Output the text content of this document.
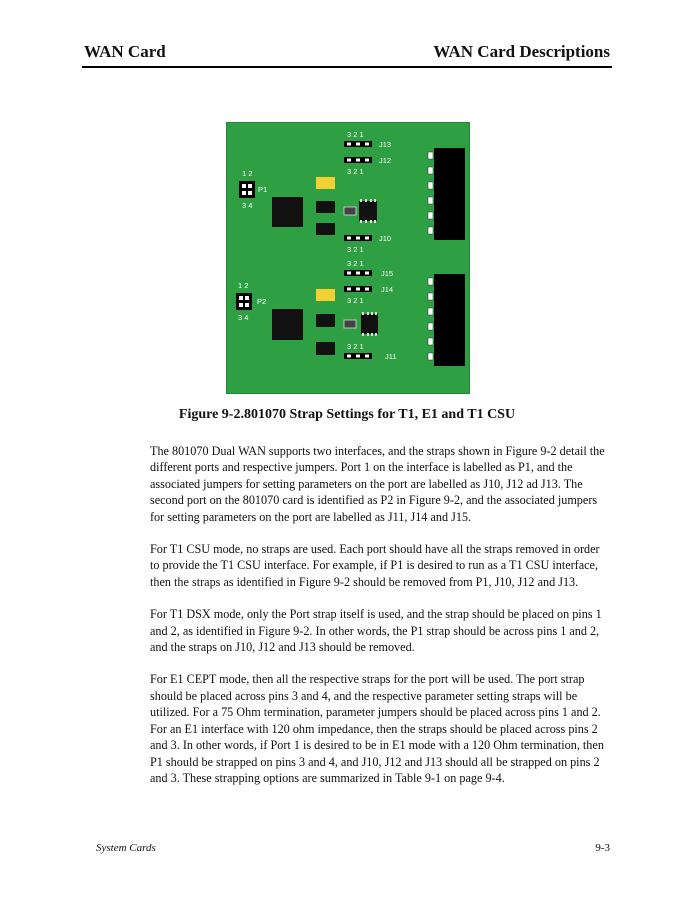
WAN Card	WAN Card Descriptions
3 2 1
J13
J12
3 2 1
1 2
P1
3 4
J10
3 2 1
3 2 1
J15
J14
3 2 1
1 2
P2
3 4
3 2 1
J11
Figure 9-2.801070 Strap Settings for T1, E1 and T1 CSU

The 801070 Dual WAN supports two interfaces, and the straps shown in Figure 9-2 detail the different ports and respective jumpers. Port 1 on the interface is labelled as P1, and the associated jumpers for setting parameters on the port are labelled as J10, J12 ad J13. The second port on the 801070 card is identified as P2 in Figure 9-2, and the associated jumpers for setting parameters on the port are labelled as J11, J14 and J15.

For T1 CSU mode, no straps are used. Each port should have all the straps removed in order to provide the T1 CSU interface. For example, if P1 is desired to run as a T1 CSU interface, then the straps as identified in Figure 9-2 should be removed from P1, J10, J12 and J13.

For T1 DSX mode, only the Port strap itself is used, and the strap should be placed on pins 1 and 2, as identified in Figure 9-2. In other words, the P1 strap should be across pins 1 and 2, and the straps on J10, J12 and J13 should be removed.

For E1 CEPT mode, then all the respective straps for the port will be used. The port strap should be placed across pins 3 and 4, and the respective parameter setting straps will be utilized. For a 75 Ohm termination, parameter jumpers should be placed across pins 1 and 2. For an E1 interface with 120 ohm impedance, then the straps should be placed across pins 2 and 3. In other words, if Port 1 is desired to be in E1 mode with a 120 Ohm termination, then P1 should be strapped on pins 3 and 4, and J10, J12 and J13 should all be strapped on pins 2 and 3. These strapping options are summarized in Table 9-1 on page 9-4.

System Cards	9-3
